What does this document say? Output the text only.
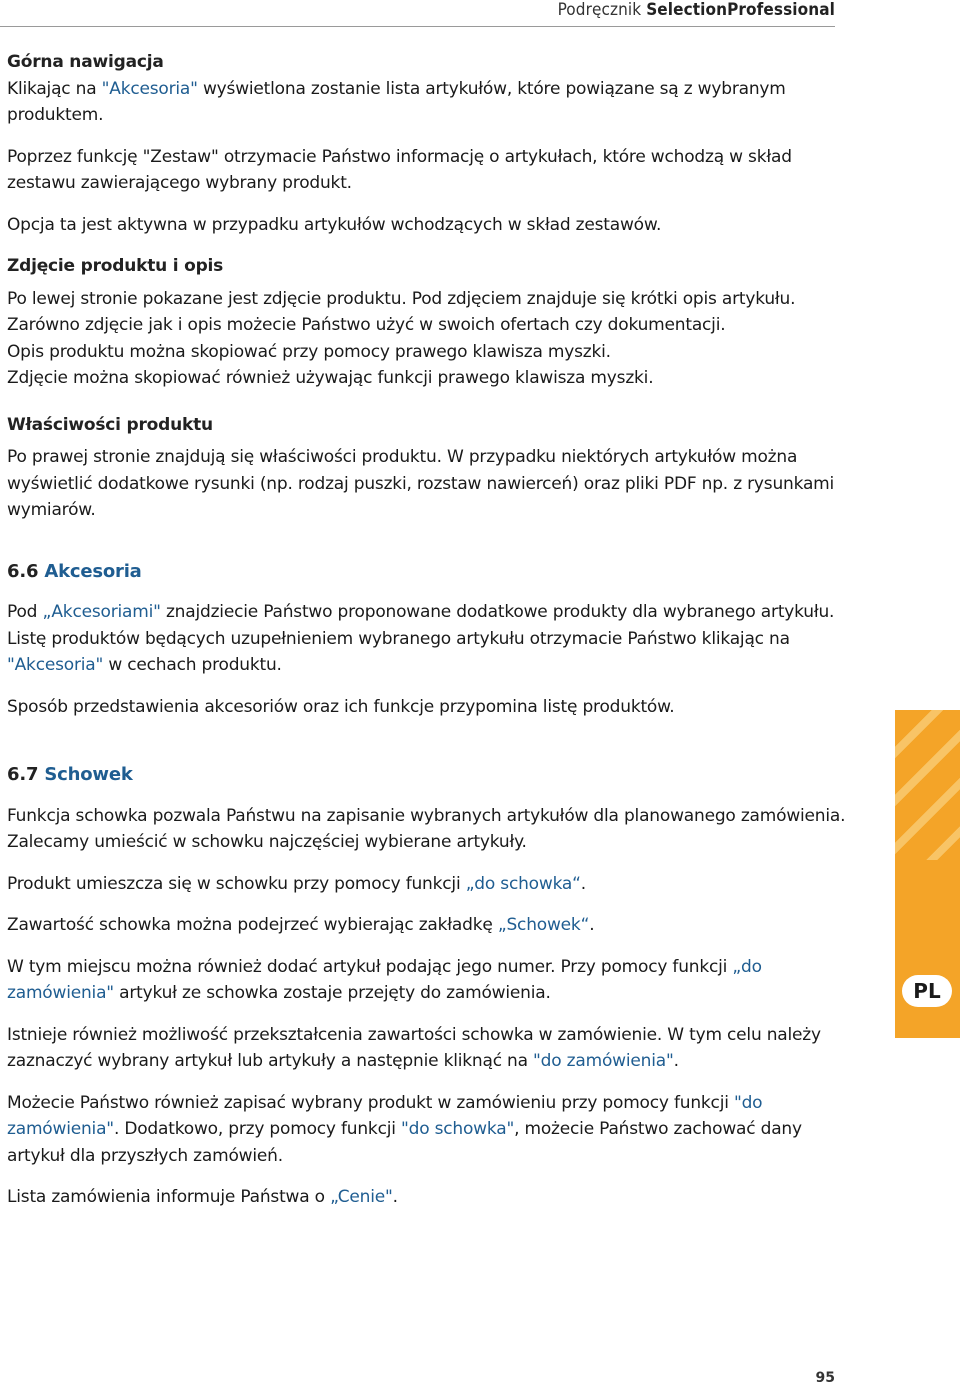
Podręcznik SelectionProfessional

Górna nawigacja

Klikając na "Akcesoria" wyświetlona zostanie lista artykułów, które powiązane są z wybranym produktem.

Poprzez funkcję "Zestaw" otrzymacie Państwo informację o artykułach, które wchodzą w skład zestawu zawierającego wybrany produkt.

Opcja ta jest aktywna w przypadku artykułów wchodzących w skład zestawów.

Zdjęcie produktu i opis

Po lewej stronie pokazane jest zdjęcie produktu. Pod zdjęciem znajduje się krótki opis artykułu.

Zarówno zdjęcie jak i opis możecie Państwo użyć w swoich ofertach czy dokumentacji.

Opis produktu można skopiować przy pomocy prawego klawisza myszki.

Zdjęcie można skopiować również używając funkcji prawego klawisza myszki.

Właściwości produktu

Po prawej stronie znajdują się właściwości produktu. W przypadku niektórych artykułów można wyświetlić dodatkowe rysunki (np. rodzaj puszki, rozstaw nawierceń) oraz pliki PDF np. z rysunkami wymiarów.

6.6 Akcesoria

Pod „Akcesoriami" znajdziecie Państwo proponowane dodatkowe produkty dla wybranego artykułu.

Listę produktów będących uzupełnieniem wybranego artykułu otrzymacie Państwo klikając na "Akcesoria" w cechach produktu.

Sposób przedstawienia akcesoriów oraz ich funkcje przypomina listę produktów.

6.7 Schowek

Funkcja schowka pozwala Państwu na zapisanie wybranych artykułów dla planowanego zamówienia. Zalecamy umieścić w schowku najczęściej wybierane artykuły.

Produkt umieszcza się w schowku przy pomocy funkcji „do schowka“.

Zawartość schowka można podejrzeć wybierając zakładkę „Schowek“.

W tym miejscu można również dodać artykuł podając jego numer. Przy pomocy funkcji „do zamówienia" artykuł ze schowka zostaje przejęty do zamówienia.

Istnieje również możliwość przekształcenia zawartości schowka w zamówienie. W tym celu należy zaznaczyć wybrany artykuł lub artykuły a następnie kliknąć na "do zamówienia".

Możecie Państwo również zapisać wybrany produkt w zamówieniu przy pomocy funkcji "do zamówienia". Dodatkowo, przy pomocy funkcji "do schowka", możecie Państwo zachować dany artykuł dla przyszłych zamówień.

Lista zamówienia informuje Państwa o „Cenie".

PL
95
